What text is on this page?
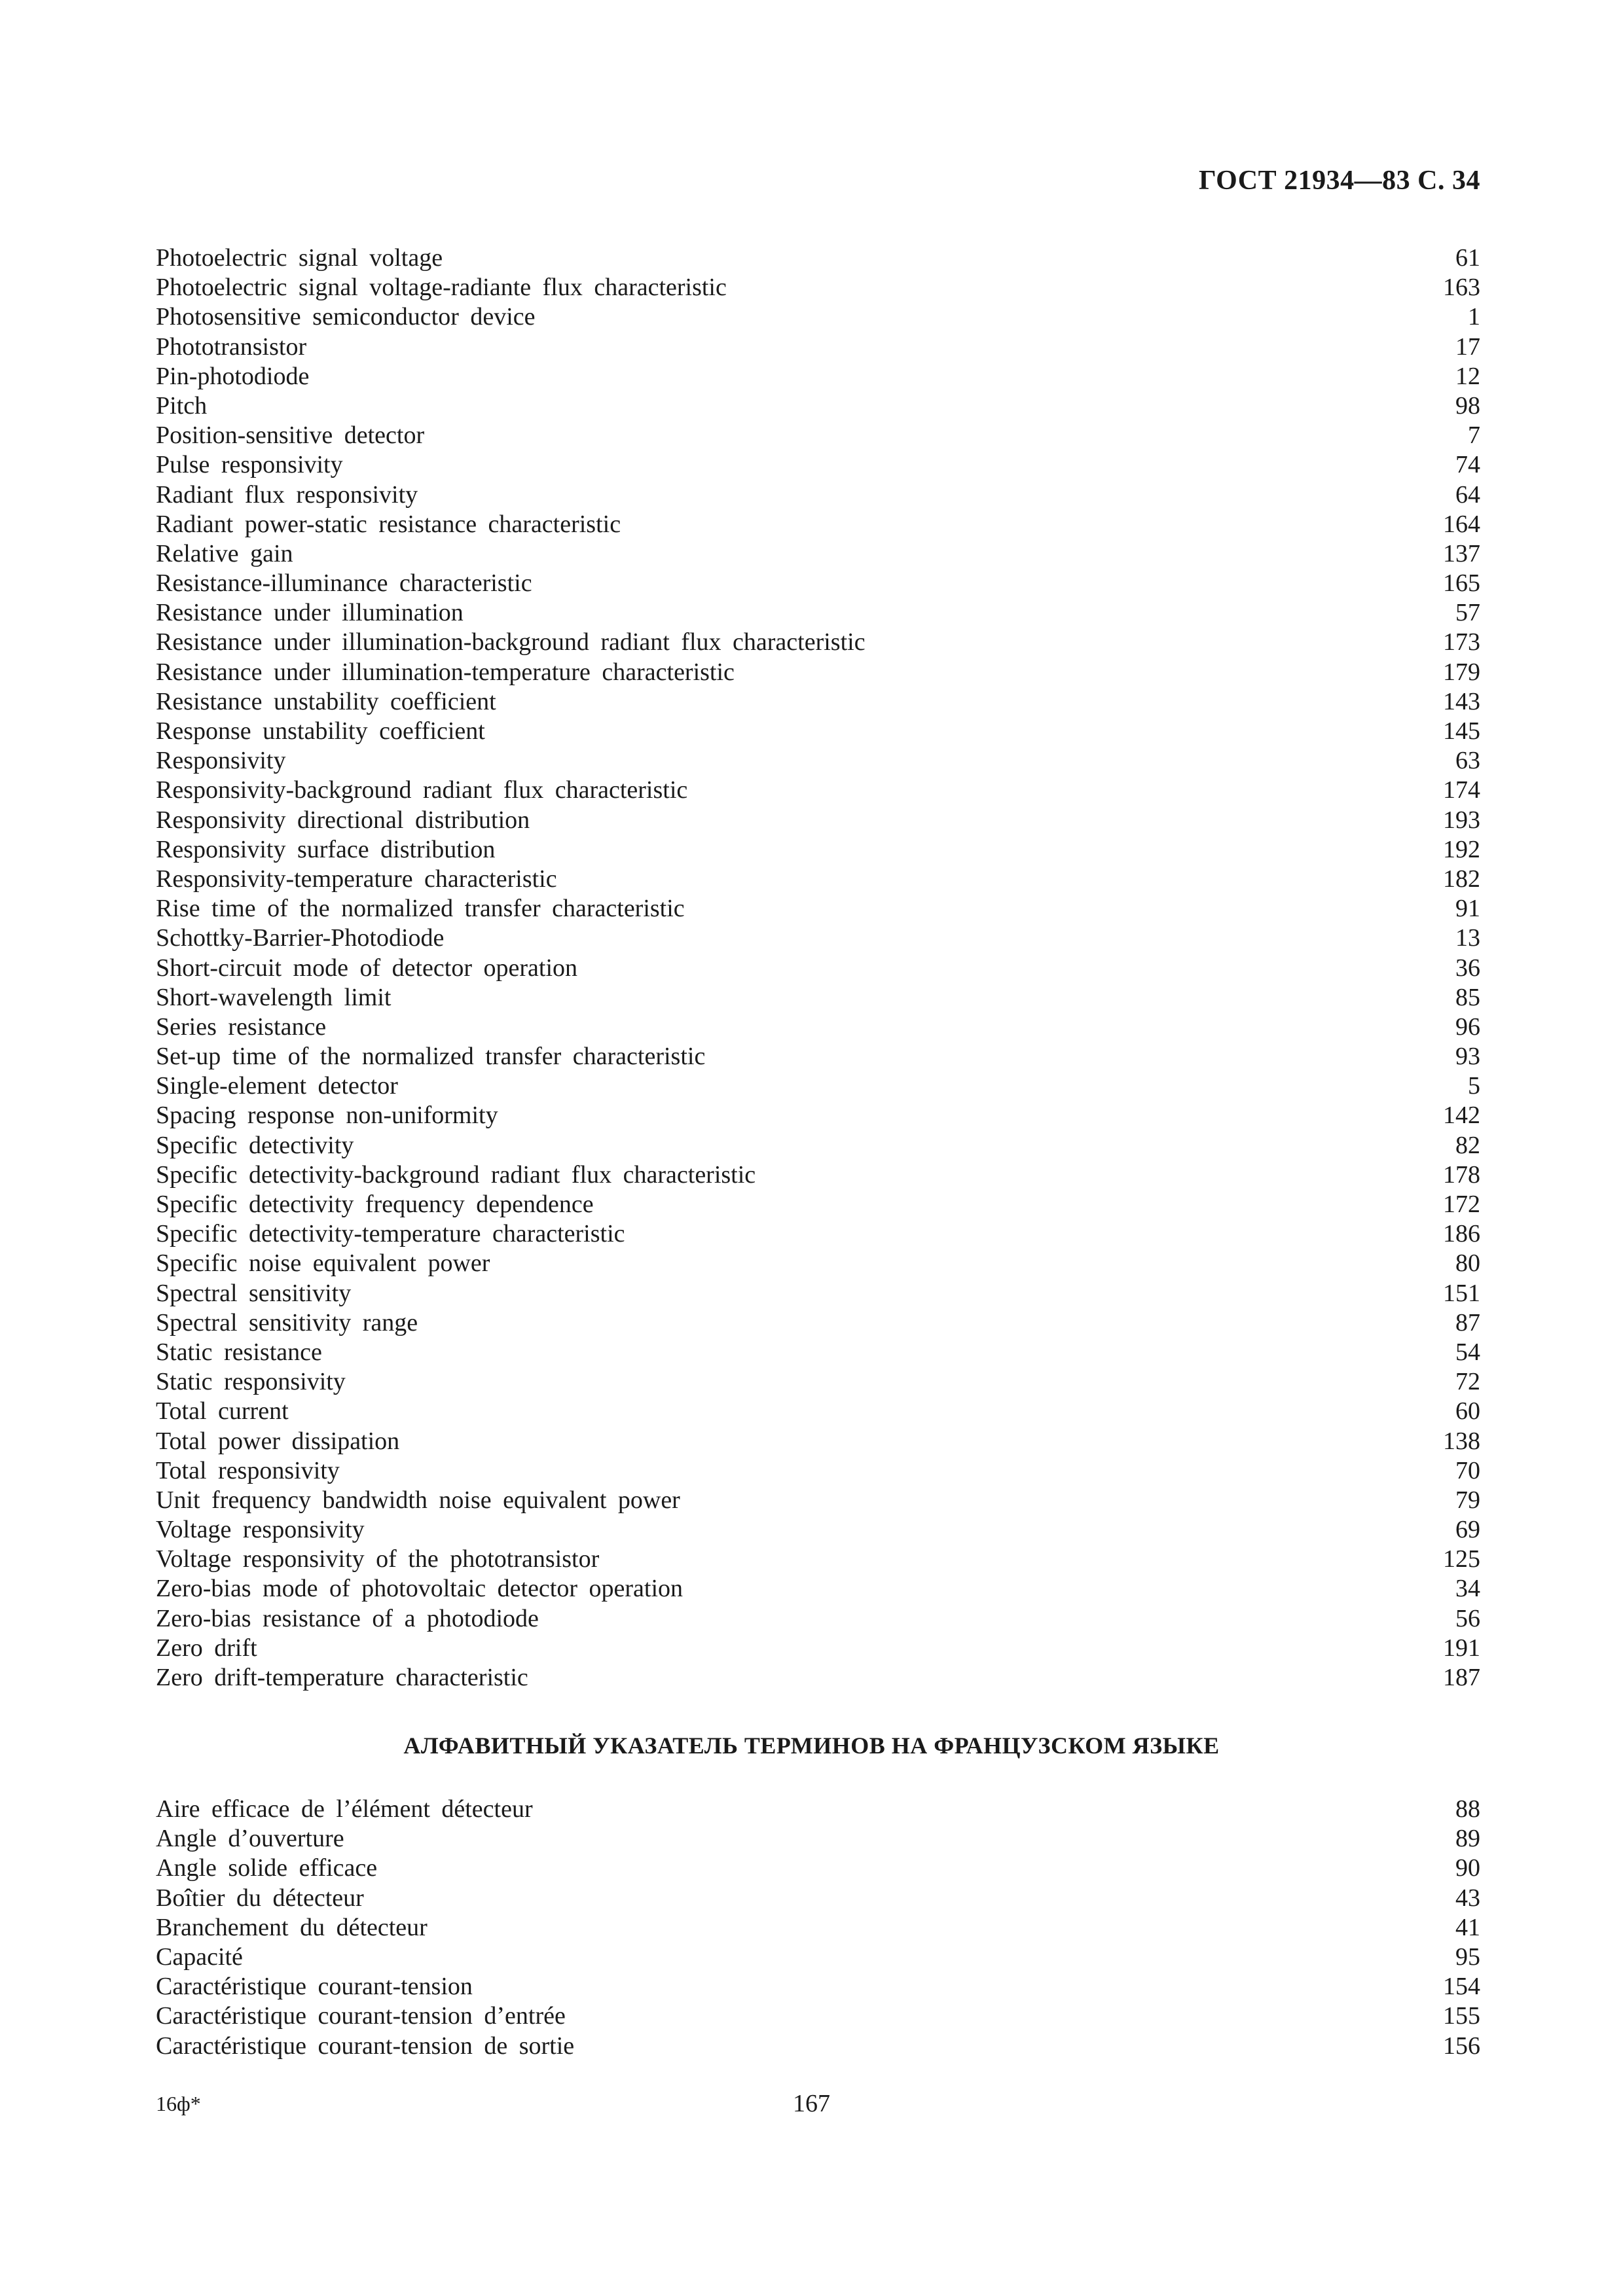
ГОСТ 21934—83 С. 34
Photoelectric signal voltage	61
Photoelectric signal voltage-radiante flux characteristic	163
Photosensitive semiconductor device	1
Phototransistor	17
Pin-photodiode	12
Pitch	98
Position-sensitive detector	7
Pulse responsivity	74
Radiant flux responsivity	64
Radiant power-static resistance characteristic	164
Relative gain	137
Resistance-illuminance characteristic	165
Resistance under illumination	57
Resistance under illumination-background radiant flux characteristic	173
Resistance under illumination-temperature characteristic	179
Resistance unstability coefficient	143
Response unstability coefficient	145
Responsivity	63
Responsivity-background radiant flux characteristic	174
Responsivity directional distribution	193
Responsivity surface distribution	192
Responsivity-temperature characteristic	182
Rise time of the normalized transfer characteristic	91
Schottky-Barrier-Photodiode	13
Short-circuit mode of detector operation	36
Short-wavelength limit	85
Series resistance	96
Set-up time of the normalized transfer characteristic	93
Single-element detector	5
Spacing response non-uniformity	142
Specific detectivity	82
Specific detectivity-background radiant flux characteristic	178
Specific detectivity frequency dependence	172
Specific detectivity-temperature characteristic	186
Specific noise equivalent power	80
Spectral sensitivity	151
Spectral sensitivity range	87
Static resistance	54
Static responsivity	72
Total current	60
Total power dissipation	138
Total responsivity	70
Unit frequency bandwidth noise equivalent power	79
Voltage responsivity	69
Voltage responsivity of the phototransistor	125
Zero-bias mode of photovoltaic detector operation	34
Zero-bias resistance of a photodiode	56
Zero drift	191
Zero drift-temperature characteristic	187
АЛФАВИТНЫЙ УКАЗАТЕЛЬ ТЕРМИНОВ НА ФРАНЦУЗСКОМ ЯЗЫКЕ
Aire efficace de l’élément détecteur	88
Angle d’ouverture	89
Angle solide efficace	90
Boîtier du détecteur	43
Branchement du détecteur	41
Capacité	95
Caractéristique courant-tension	154
Caractéristique courant-tension d’entrée	155
Caractéristique courant-tension de sortie	156
16ф*	167
